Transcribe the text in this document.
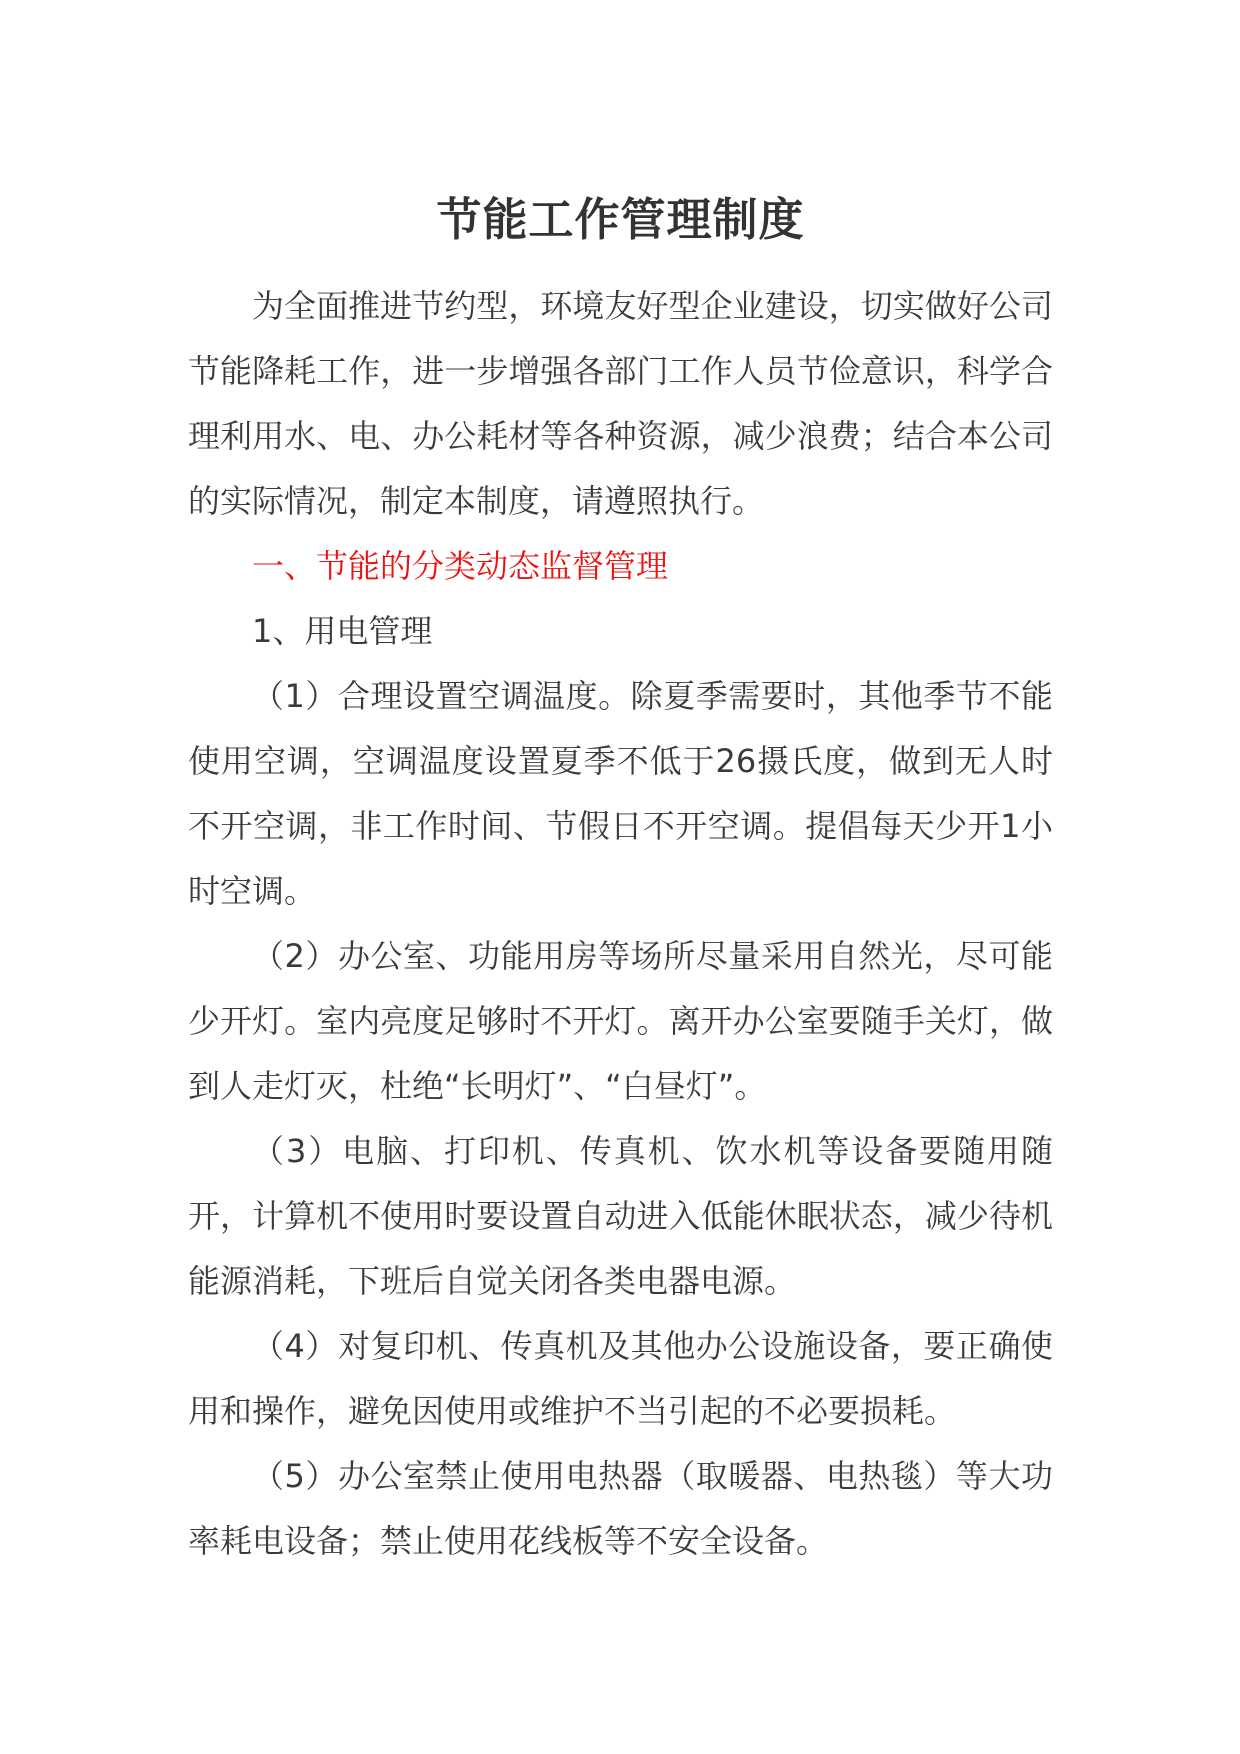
节能工作管理制度

为全面推进节约型，环境友好型企业建设，切实做好公司节能降耗工作，进一步增强各部门工作人员节俭意识，科学合理利用水、电、办公耗材等各种资源，减少浪费；结合本公司的实际情况，制定本制度，请遵照执行。

一、节能的分类动态监督管理

1、用电管理

（1）合理设置空调温度。除夏季需要时，其他季节不能使用空调，空调温度设置夏季不低于26摄氏度，做到无人时不开空调，非工作时间、节假日不开空调。提倡每天少开1小时空调。

（2）办公室、功能用房等场所尽量采用自然光，尽可能少开灯。室内亮度足够时不开灯。离开办公室要随手关灯，做到人走灯灭，杜绝“长明灯”、“白昼灯”。

（3）电脑、打印机、传真机、饮水机等设备要随用随开，计算机不使用时要设置自动进入低能休眠状态，减少待机能源消耗，下班后自觉关闭各类电器电源。

（4）对复印机、传真机及其他办公设施设备，要正确使用和操作，避免因使用或维护不当引起的不必要损耗。

（5）办公室禁止使用电热器（取暖器、电热毯）等大功率耗电设备；禁止使用花线板等不安全设备。
